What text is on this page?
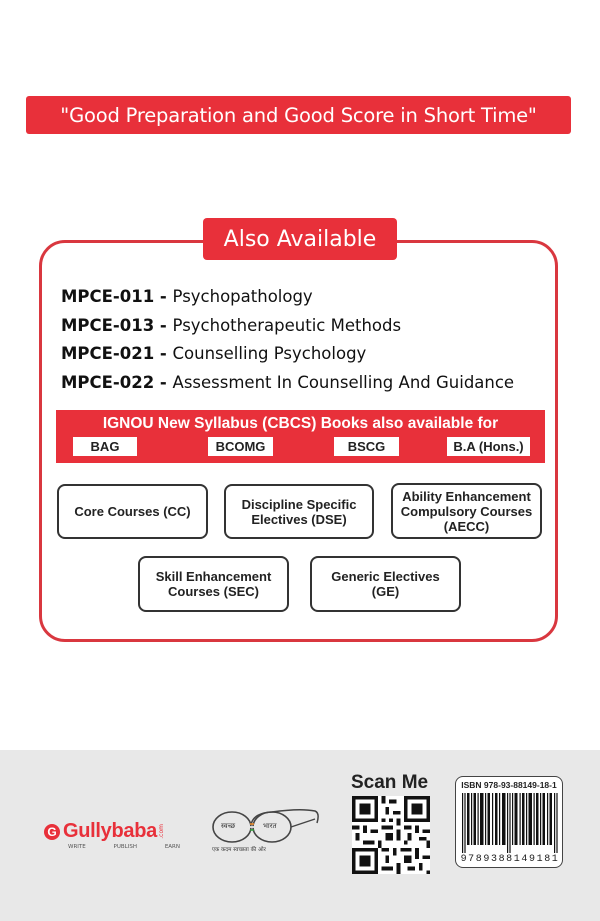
"Good Preparation and Good Score in Short Time"
Also Available
MPCE-011 - Psychopathology
MPCE-013 - Psychotherapeutic Methods
MPCE-021 - Counselling Psychology
MPCE-022 - Assessment In Counselling And Guidance
IGNOU New Syllabus (CBCS) Books also available for
BAG	BCOMG	BSCG	B.A (Hons.)
Core Courses (CC)	Discipline Specific
Electives (DSE)
Ability Enhancement
Compulsory Courses
(AECC)
Skill Enhancement
Courses (SEC)
Generic Electives
(GE)
G Gullybaba .com
WRITE	PUBLISH	EARN
स्वच्छ	भारत
एक कदम स्वच्छता की ओर
Scan Me	ISBN 978-93-88149-18-1
9789388149181
